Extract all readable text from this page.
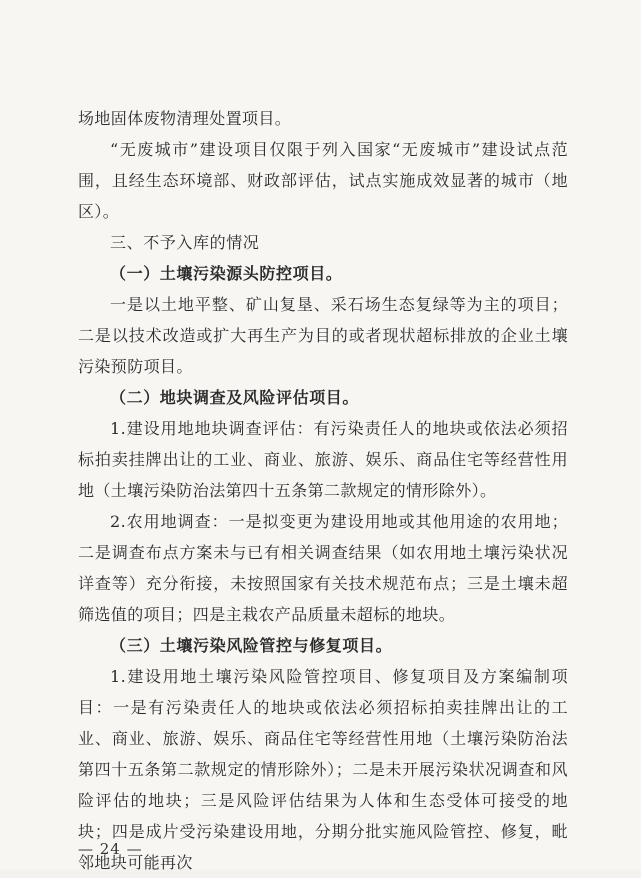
场地固体废物清理处置项目。

“无废城市”建设项目仅限于列入国家“无废城市”建设试点范围，且经生态环境部、财政部评估，试点实施成效显著的城市（地区）。

三、不予入库的情况

（一）土壤污染源头防控项目。

一是以土地平整、矿山复垦、采石场生态复绿等为主的项目；二是以技术改造或扩大再生产为目的或者现状超标排放的企业土壤污染预防项目。

（二）地块调查及风险评估项目。

1.建设用地地块调查评估：有污染责任人的地块或依法必须招标拍卖挂牌出让的工业、商业、旅游、娱乐、商品住宅等经营性用地（土壤污染防治法第四十五条第二款规定的情形除外）。

2.农用地调查：一是拟变更为建设用地或其他用途的农用地；二是调查布点方案未与已有相关调查结果（如农用地土壤污染状况详查等）充分衔接，未按照国家有关技术规范布点；三是土壤未超筛选值的项目；四是主栽农产品质量未超标的地块。

（三）土壤污染风险管控与修复项目。

1.建设用地土壤污染风险管控项目、修复项目及方案编制项目：一是有污染责任人的地块或依法必须招标拍卖挂牌出让的工业、商业、旅游、娱乐、商品住宅等经营性用地（土壤污染防治法第四十五条第二款规定的情形除外）；二是未开展污染状况调查和风险评估的地块；三是风险评估结果为人体和生态受体可接受的地块；四是成片受污染建设用地，分期分批实施风险管控、修复，毗邻地块可能再次

— 24 —
